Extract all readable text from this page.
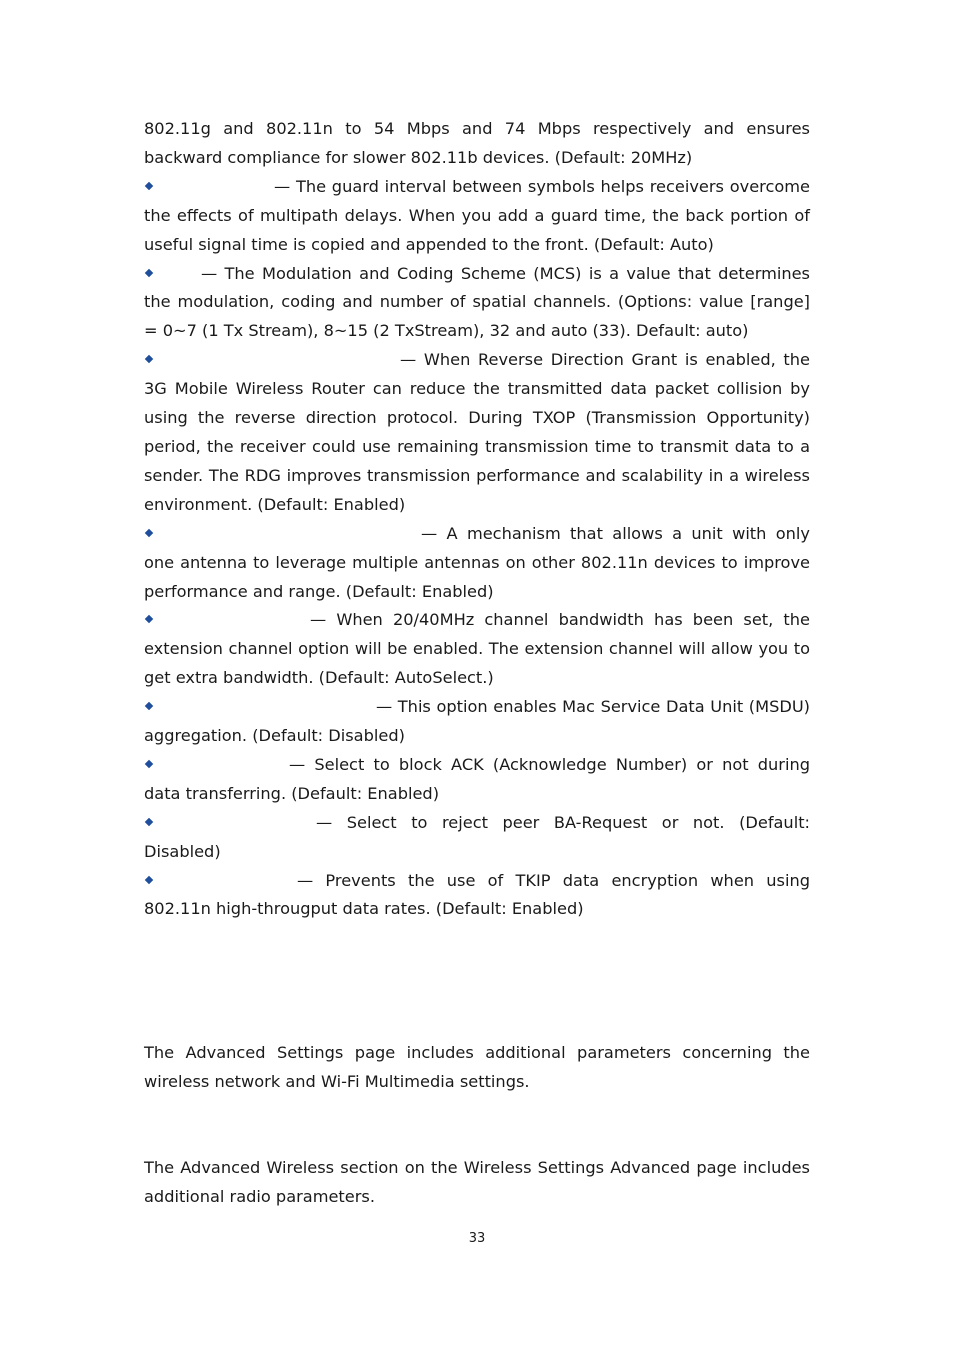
802.11g and 802.11n to 54 Mbps and 74 Mbps respectively and ensures backward compliance for slower 802.11b devices. (Default: 20MHz)

— The guard interval between symbols helps receivers overcome the effects of multipath delays. When you add a guard time, the back portion of useful signal time is copied and appended to the front. (Default: Auto)

— The Modulation and Coding Scheme (MCS) is a value that determines the modulation, coding and number of spatial channels. (Options: value [range] = 0~7 (1 Tx Stream), 8~15 (2 TxStream), 32 and auto (33). Default: auto)

— When Reverse Direction Grant is enabled, the 3G Mobile Wireless Router can reduce the transmitted data packet collision by using the reverse direction protocol. During TXOP (Transmission Opportunity) period, the receiver could use remaining transmission time to transmit data to a sender. The RDG improves transmission performance and scalability in a wireless environment. (Default: Enabled)

— A mechanism that allows a unit with only one antenna to leverage multiple antennas on other 802.11n devices to improve performance and range. (Default: Enabled)

— When 20/40MHz channel bandwidth has been set, the extension channel option will be enabled. The extension channel will allow you to get extra bandwidth. (Default: AutoSelect.)

— This option enables Mac Service Data Unit (MSDU) aggregation. (Default: Disabled)

— Select to block ACK (Acknowledge Number) or not during data transferring. (Default: Enabled)

— Select to reject peer BA-Request or not. (Default: Disabled)

— Prevents the use of TKIP data encryption when using 802.11n high-througput data rates. (Default: Enabled)

The Advanced Settings page includes additional parameters concerning the wireless network and Wi-Fi Multimedia settings.

The Advanced Wireless section on the Wireless Settings Advanced page includes additional radio parameters.

33
